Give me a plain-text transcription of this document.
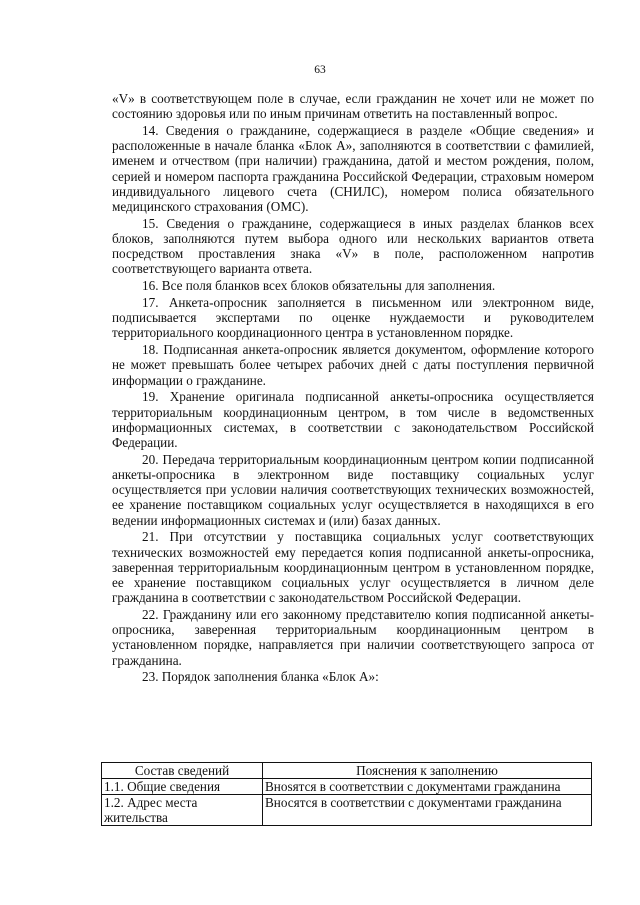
63

«V» в соответствующем поле в случае, если гражданин не хочет или не может по состоянию здоровья или по иным причинам ответить на поставленный вопрос.

14. Сведения о гражданине, содержащиеся в разделе «Общие сведения» и расположенные в начале бланка «Блок А», заполняются в соответствии с фамилией, именем и отчеством (при наличии) гражданина, датой и местом рождения, полом, серией и номером паспорта гражданина Российской Федерации, страховым номером индивидуального лицевого счета (СНИЛС), номером полиса обязательного медицинского страхования (ОМС).

15. Сведения о гражданине, содержащиеся в иных разделах бланков всех блоков, заполняются путем выбора одного или нескольких вариантов ответа посредством проставления знака «V» в поле, расположенном напротив соответствующего варианта ответа.

16. Все поля бланков всех блоков обязательны для заполнения.

17. Анкета-опросник заполняется в письменном или электронном виде, подписывается экспертами по оценке нуждаемости и руководителем территориального координационного центра в установленном порядке.

18. Подписанная анкета-опросник является документом, оформление которого не может превышать более четырех рабочих дней с даты поступления первичной информации о гражданине.

19. Хранение оригинала подписанной анкеты-опросника осуществляется территориальным координационным центром, в том числе в ведомственных информационных системах, в соответствии с законодательством Российской Федерации.

20. Передача территориальным координационным центром копии подписанной анкеты-опросника в электронном виде поставщику социальных услуг осуществляется при условии наличия соответствующих технических возможностей, ее хранение поставщиком социальных услуг осуществляется в находящихся в его ведении информационных системах и (или) базах данных.

21. При отсутствии у поставщика социальных услуг соответствующих технических возможностей ему передается копия подписанной анкеты-опросника, заверенная территориальным координационным центром в установленном порядке, ее хранение поставщиком социальных услуг осуществляется в личном деле гражданина в соответствии с законодательством Российской Федерации.

22. Гражданину или его законному представителю копия подписанной анкеты-опросника, заверенная территориальным координационным центром в установленном порядке, направляется при наличии соответствующего запроса от гражданина.

23. Порядок заполнения бланка «Блок А»:

Состав сведений	Пояснения к заполнению
1.1. Общие сведения	Внosятся в соответствии с документами гражданина
1.2. Адрес места жительства	Вносятся в соответствии с документами гражданина
